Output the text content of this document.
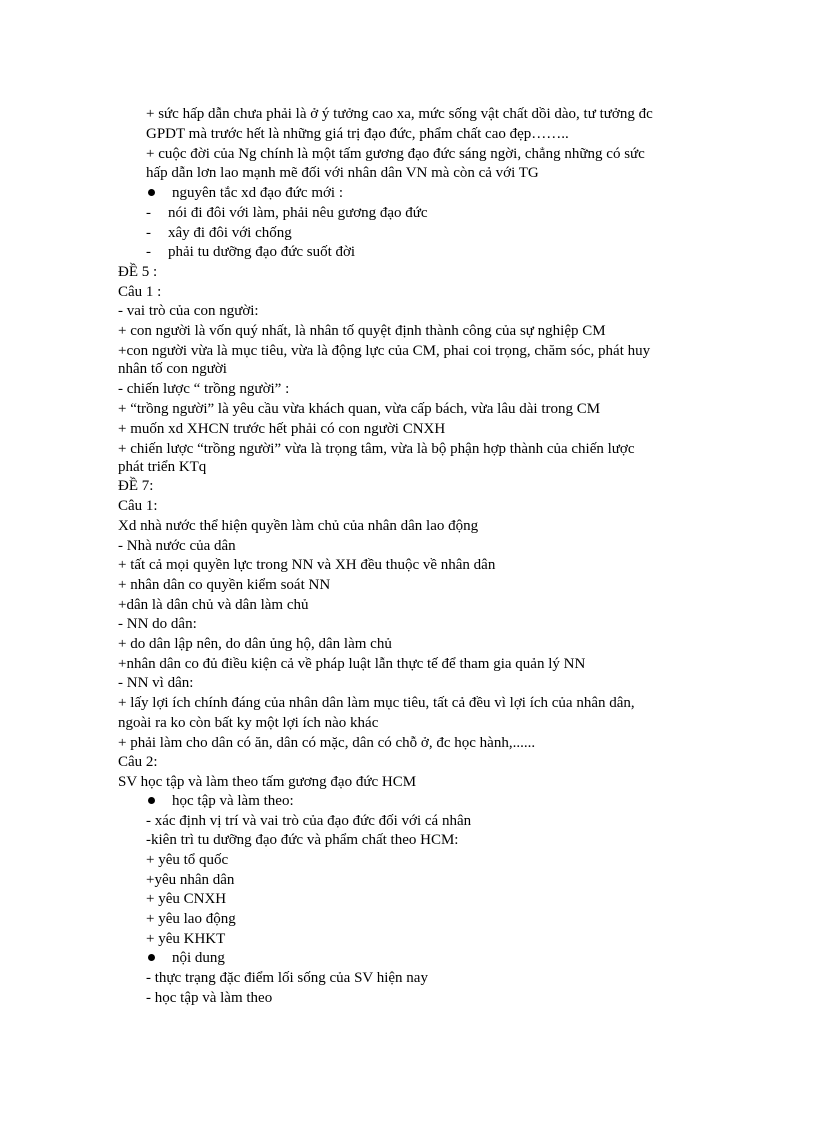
+ sức hấp dẫn chưa phải là ở ý tưởng cao xa, mức sống vật chất dồi dào, tư tưởng đc
GPDT mà trước hết là những giá trị đạo đức, phẩm chất cao đẹp……..
+ cuộc đời của Ng chính là một tấm gương đạo đức sáng ngời, chẳng những có sức
hấp dẫn lơn lao mạnh mẽ đối với nhân dân VN mà còn cả với TG
nguyên tắc xd đạo đức mới :
- nói đi đôi với làm, phải nêu gương đạo đức
- xây đi đôi với chống
- phải tu dưỡng đạo đức suốt đời
ĐỀ 5 :
Câu 1 :
- vai trò của con người:
+ con người là vốn quý nhất, là nhân tố quyệt định thành công của sự nghiệp CM
+con người vừa là mục tiêu, vừa là động lực của CM, phai coi trọng, chăm sóc, phát huy
nhân tố con người
- chiến lược “ trồng người” :
+ “trồng người” là yêu cầu vừa khách quan, vừa cấp bách, vừa lâu dài trong CM
+ muốn xd XHCN trước hết phải có con người CNXH
+ chiến lược “trồng người” vừa là trọng tâm, vừa là bộ phận hợp thành của chiến lược
phát triển KTq
ĐỀ 7:
Câu 1:
Xd nhà nước thể hiện quyền làm chủ của nhân dân lao động
- Nhà nước của dân
+ tất cả mọi quyền lực trong NN và XH đều thuộc về nhân dân
+ nhân dân co quyền kiểm soát NN
+dân là dân chủ và dân làm chủ
- NN do dân:
+ do dân lập nên, do dân ủng hộ, dân làm chủ
+nhân dân co đủ điều kiện cả về pháp luật lẫn thực tế để tham gia quản lý NN
- NN vì dân:
+ lấy lợi ích chính đáng của nhân dân làm mục tiêu, tất cả đều vì lợi ích của nhân dân,
ngoài ra ko còn bất ky một lợi ích nào khác
+ phải làm cho dân có ăn, dân có mặc, dân có chỗ ở, đc học hành,......
Câu 2:
SV học tập và làm theo tấm gương đạo đức HCM
học tập và làm theo:
- xác định vị trí và vai trò của đạo đức đối với cá nhân
-kiên trì tu dưỡng đạo đức và phẩm chất theo HCM:
+ yêu tổ quốc
+yêu nhân dân
+ yêu CNXH
+ yêu lao động
+ yêu KHKT
nội dung
- thực trạng đặc điểm lối sống của SV hiện nay
- học tập và làm theo
